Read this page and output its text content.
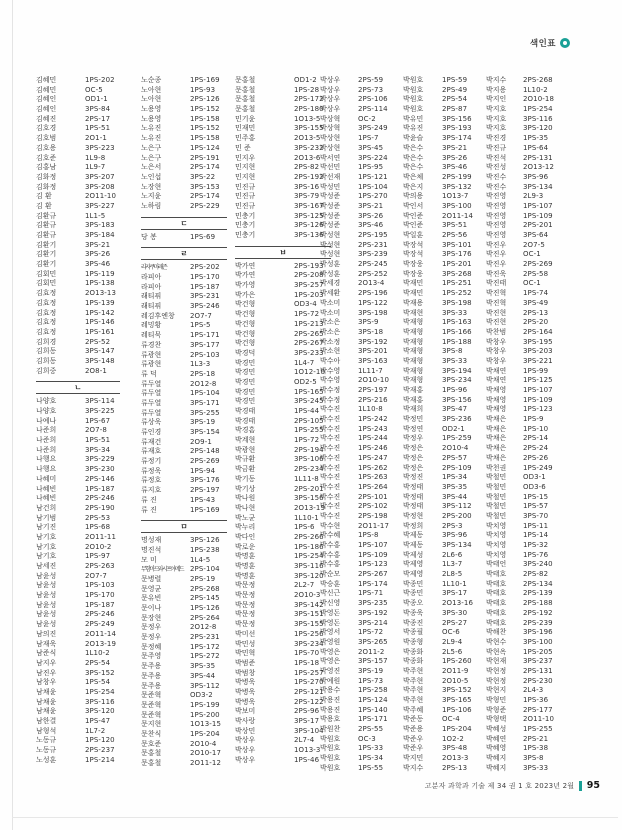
색인표
김혜민	1PS-202
김혜민	OC-5
김혜인	OD1-1
김혜인	3PS-84
김혜진	2PS-17
김호경	1PS-51
김호범	2O1-1
김호용	3PS-223
김호준	1L9-8
김홍남	1L9-7
김화정	3PS-207
김화정	3PS-208
김 환	2O11-10
김 환	3PS-227
김환규	1L1-5
김환규	3PS-183
김환규	3PS-184
김환기	3PS-21
김환기	3PS-26
김환기	3PS-46
김회민	1PS-119
김회민	1PS-138
김효정	2O13-13
김효정	1PS-139
김효정	1PS-142
김효정	1PS-146
김효정	1PS-161
김희경	2PS-52
김희동	3PS-147
김희동	3PS-148
김희중	2O8-1
ㄴ
나양호	3PS-114
나양호	3PS-225
나예나	1PS-67
나준희	2O7-8
나준희	1PS-51
나준희	3PS-34
나행요	3PS-229
나행요	3PS-230
나혜미	2PS-146
나혜빈	1PS-187
나혜빈	2PS-246
남건희	2PS-190
남기범	2PS-53
남기진	1PS-68
남기호	2O11-11
남기호	2O10-2
남기호	1PS-97
남세진	2PS-263
남윤성	2O7-7
남윤성	1PS-103
남윤성	1PS-170
남윤성	1PS-187
남윤성	2PS-246
남윤성	2PS-249
남의진	2O11-14
남재욱	2O13-19
남준식	1L10-2
남지우	2PS-54
남진우	3PS-152
남창우	1PS-54
남채윤	1PS-254
남채윤	3PS-116
남채윤	3PS-120
남한결	1PS-47
남형석	1L7-2
노동규	1PS-120
노동규	2PS-237
노성훈	1PS-214
노순종	1PS-169
노아현	1PS-93
노아현	2PS-126
노용영	1PS-152
노용영	1PS-158
노유진	1PS-152
노유진	1PS-158
노은구	1PS-124
노은구	2PS-191
노은서	2PS-174
노인섭	3PS-22
노장현	3PS-153
노지윤	2PS-174
노하림	2PS-229
ㄷ
당 봉	1PS-69
ㄹ
라자쿠마레즌	2PS-202
라피아	1PS-170
라피아	1PS-187
래티퓌	3PS-231
래티퓌	3PS-246
레김후엔창 2O7-7
레밍황	1PS-5
레티묵	1PS-171
류경찬	3PS-177
류광현	2PS-103
류광현	1L3-3
류 덕	2PS-18
류두열	2O12-8
류두열	1PS-104
류두열	3PS-171
류두열	3PS-255
류상욱	3PS-19
류인경	3PS-154
류재건	2O9-1
류재호	2PS-148
류정기	2PS-269
류정욱	1PS-94
류정호	3PS-176
류지호	2PS-197
류 진	1PS-43
류 진	1PS-169
ㅁ
명성재	3PS-126
명진석	1PS-238
모 미	1L4-5
무함마드와시프아메드 2PS-104
문병렬	2PS-19
문영균	2PS-268
문유빈	2PS-145
문이나	1PS-126
문장현	2PS-264
문정우	2O12-8
문정우	2PS-231
문정혜	1PS-172
문주영	1PS-272
문주용	3PS-35
문주용	3PS-44
문주용	3PS-112
문준혁	OD3-2
문준혁	1PS-199
문준혁	1PS-200
문지현	1O13-15
문찬식	1PS-204
문호준	2O10-4
문홍철	2O10-17
문홍철	2O11-12
문홍철	OD1-2
문홍철	1PS-28
문홍철	2PS-172
문홍철	2PS-180
민기윤	1O13-5
민재민	3PS-155
민주홍	2O13-5
민 준	3PS-232
민지우	2O13-6
민지현	2PS-82
민지현	2PS-192
민진규	3PS-16
민진규	3PS-79
민진규	3PS-167
민충기	3PS-125
민충기	3PS-126
민충기	3PS-136
ㅂ
박가연	2PS-193
박가연	2PS-208
박가영	3PS-257
박가은	1PS-203
박건형	OD3-4
박건형	1PS-72
박건형	1PS-213
박건형	2PS-265
박건형	2PS-267
박경덕	3PS-233
박경민	1L4-7
박경민	1O12-10
박경민	OD2-5
박경민	1PS-165
박경민	3PS-245
박경태	1PS-44
박경태	2PS-105
박경흠	1PS-255
박계현	1PS-72
박광현	2PS-194
박규환	3PS-106
박금환	2PS-234
박기동	1L11-8
박기상	2PS-201
박나원	3PS-156
박나현	2O13-19
박노균	1L10-1
박누리	1PS-6
박다인	2PS-266
박로운	1PS-186
박명훈	1PS-254
박명훈	3PS-116
박명훈	3PS-120
박문정	2L2-7
박문정	2O10-3
박문정	3PS-142
박문정	3PS-151
박문정	3PS-155
박미선	1PS-256
박민성	3PS-234
박민혁	1PS-70
박범준	1PS-18
박범창	1PS-257
박병욱	1PS-270
박병욱	2PS-121
박병욱	2PS-122
박보미	2PS-96
박사랑	3PS-17
박상민	3PS-104
박상우	2L7-4
박상우	1O13-3
박상우	1PS-46
박상우	2PS-59
박상우	2PS-73
박상우	2PS-106
박상우	2PS-114
박상혁	OC-2
박상혁	3PS-249
박상현	1PS-7
박상현	3PS-45
박서연	3PS-224
박선민	1PS-95
박선재	1PS-121
박성민	1PS-104
박성준	1PS-270
박성준	3PS-21
박성준	3PS-26
박성준	3PS-46
박성현	2PS-195
박성현	2PS-231
박성현	3PS-239
박성훈	2PS-245
박성훈	2PS-252
박세경	2O13-4
박세환	2PS-196
박소미	1PS-122
박소미	3PS-198
박소은	3PS-9
박소은	3PS-18
박소정	3PS-192
박소현	3PS-201
박수아	3PS-163
박수영	1L11-7
박수영	2O10-10
박수정	2PS-197
박수정	2PS-216
박수진	1L10-8
박수진	1PS-242
박수진	1PS-243
박수진	1PS-244
박수진	1PS-246
박수진	1PS-247
박수진	1PS-262
박수진	1PS-263
박수진	1PS-264
박수진	2PS-101
박수진	2PS-102
박수진	2PS-198
박수현	2O11-17
박수혜	1PS-8
박수홍	1PS-107
박수홍	1PS-109
박수홍	1PS-123
박순모	2PS-267
박승훈	1PS-174
박신근	1PS-71
박신영	3PS-235
박영돈	3PS-192
박영돈	3PS-214
박영서	1PS-72
박영원	3PS-265
박영은	2O11-2
박영은	3PS-157
박영진	3PS-19
박예원	1PS-73
박용수	1PS-258
박용진	1PS-124
박용진	1PS-140
박용호	1PS-171
박원찬	2PS-55
박원호	OC-3
박원호	1PS-33
박원호	1PS-34
박원호	1PS-55
박원호	1PS-59
박원호	2PS-49
박원호	2PS-54
박원호	2PS-87
박유민	3PS-156
박유진	3PS-193
박윤슬	3PS-174
박은수	3PS-21
박은수	3PS-26
박은수	3PS-46
박은체	2PS-199
박은지	3PS-132
박의용	1O13-7
박인서	3PS-100
박인준	2O11-14
박인준	3PS-51
박일훈	2PS-56
박장석	3PS-101
박장석	3PS-176
박장웅	1PS-201
박장웅	3PS-268
박재민	1PS-251
박재민	1PS-252
박재용	3PS-198
박재현	3PS-33
박재형	1PS-163
박재형	1PS-166
박재형	1PS-188
박재형	3PS-8
박재형	3PS-33
박재형	3PS-194
박재형	3PS-234
박재홍	1PS-96
박재홍	3PS-156
박재희	3PS-47
박정민	3PS-236
박정연	OD2-1
박정우	1PS-259
박정은	2O10-4
박정은	2PS-57
박정은	2PS-109
박정진	1PS-34
박정태	3PS-35
박정태	3PS-44
박정태	3PS-112
박정현	2PS-200
박정희	2PS-3
박제동	3PS-96
박제동	3PS-134
박제성	2L6-6
박제영	1L3-7
박제영	2L8-5
박종민	1L10-1
박종민	3PS-17
박종오	2O13-16
박종욱	3PS-30
박종진	2PS-27
박종필	OC-6
박종형	2L9-4
박종화	2L5-6
박종화	1PS-260
박주현	2O11-9
박주현	2O10-5
박주현	3PS-152
박주현	3PS-165
박주혜	1PS-106
박준동	OC-4
박준용	1PS-204
박준우	1O2-2
박준우	3PS-48
박지민	2O13-3
박지수	2PS-13
박지수 2PS-268
박지용 1L10-2
박지인 2O10-18
박지호 1PS-254
박지호 3PS-116
박지호 3PS-120
박진경 1PS-35
박진규 1PS-64
박진석 2PS-131
박진성 2O13-12
박진수 3PS-96
박진수 3PS-134
박진영 2L9-3
박진영 1PS-107
박진영 1PS-109
박진영 2PS-201
박진영 3PS-64
박진우 2O7-5
박진우 OC-1
박진우 2PS-269
박진욱 2PS-58
박진태 OC-1
박진혁 1PS-74
박진혁 3PS-49
박진현 2PS-13
박진현 2PS-20
박찬범 2PS-164
박창우 3PS-195
박창우 3PS-203
박창우 3PS-221
박채연 1PS-99
박채연 1PS-125
박채영 1PS-107
박채영 1PS-109
박채영 1PS-123
박채은 1PS-9
박채은 1PS-10
박채은 2PS-14
박채은 2PS-24
박채은 2PS-26
박천권 1PS-249
박철민 OD3-1
박철민 OD3-6
박철민 1PS-15
박철민 1PS-57
박철민 3PS-70
박치영 1PS-11
박치영 1PS-14
박치영 1PS-32
박치영 1PS-76
박태언 3PS-240
박태호 2PS-82
박태호 2PS-134
박태호 2PS-139
박태호 2PS-188
박태호 2PS-192
박태호 2PS-239
박해찬 3PS-196
박현수 3PS-100
박현옥 1PS-205
박현재 3PS-237
박현정 2PS-131
박현정 2PS-230
박현지 2L4-3
박형민 1PS-36
박형준 2PS-177
박형택 2O11-10
박혜성 1PS-255
박혜연 2PS-21
박혜영 1PS-38
박혜지 3PS-8
박혜지 3PS-33
고분자 과학과 기술 제 34 권 1 호 2023년 2월 95
